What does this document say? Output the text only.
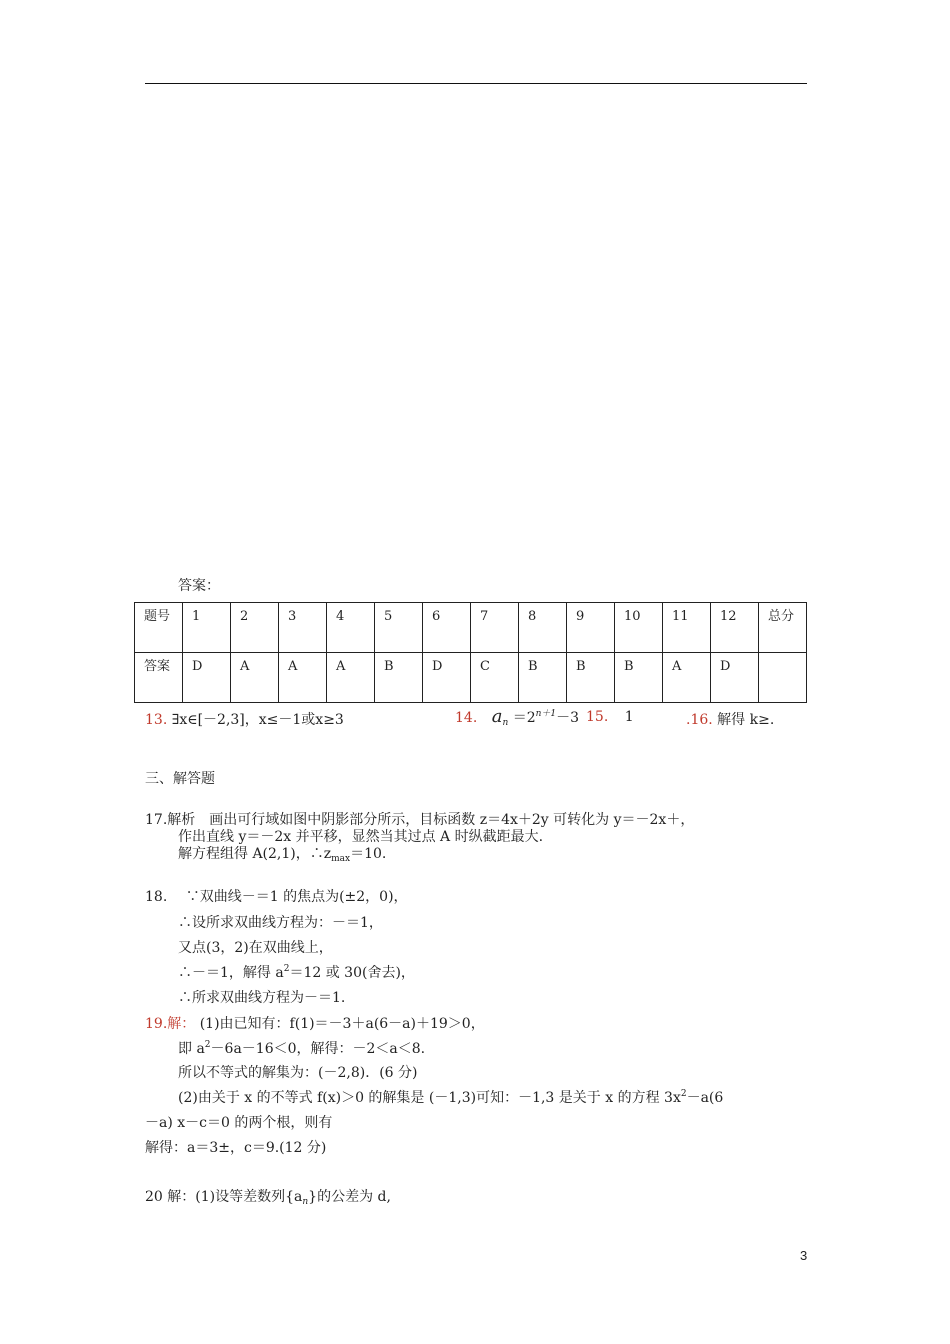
答案：
题号	1	2	3	4	5	6	7	8	9	10	11	12	总分
答案	D	A	A	A	B	D	C	B	B	B	A	D	
13. ∃x∈[－2,3]，x≤－1或x≥3	14. $a_n =2^{n+1}-3$ 15. 1	.16. 解得 k≥.
三、解答题
17.解析　画出可行域如图中阴影部分所示，目标函数 z＝4x＋2y 可转化为 y＝－2x＋，
作出直线 y＝－2x 并平移，显然当其过点 A 时纵截距最大.
解方程组得 A(2,1)，$\therefore z_{max}=10$.
18.　 ∵双曲线－＝1 的焦点为(±2，0)，
∴设所求双曲线方程为：－＝1，
又点(3，2)在双曲线上，
∴－＝1，解得 $a^2=12$ 或 30(舍去)，
∴所求双曲线方程为－＝1.
19.解： (1)由已知有：f(1)＝－3＋a(6－a)＋19＞0，
即 $a^2-6a-16<0$，解得：－2＜a＜8.
所以不等式的解集为：(－2,8)．(6 分)
(2)由关于 x 的不等式 f(x)＞0 的解集是 (－1,3)可知：－1,3 是关于 x 的方程 $3x^2-a(6$
－a) x－c＝0 的两个根，则有
解得：a＝3±，c＝9.(12 分)
20 解：(1)设等差数列$\{a_n\}$的公差为 d,
3
